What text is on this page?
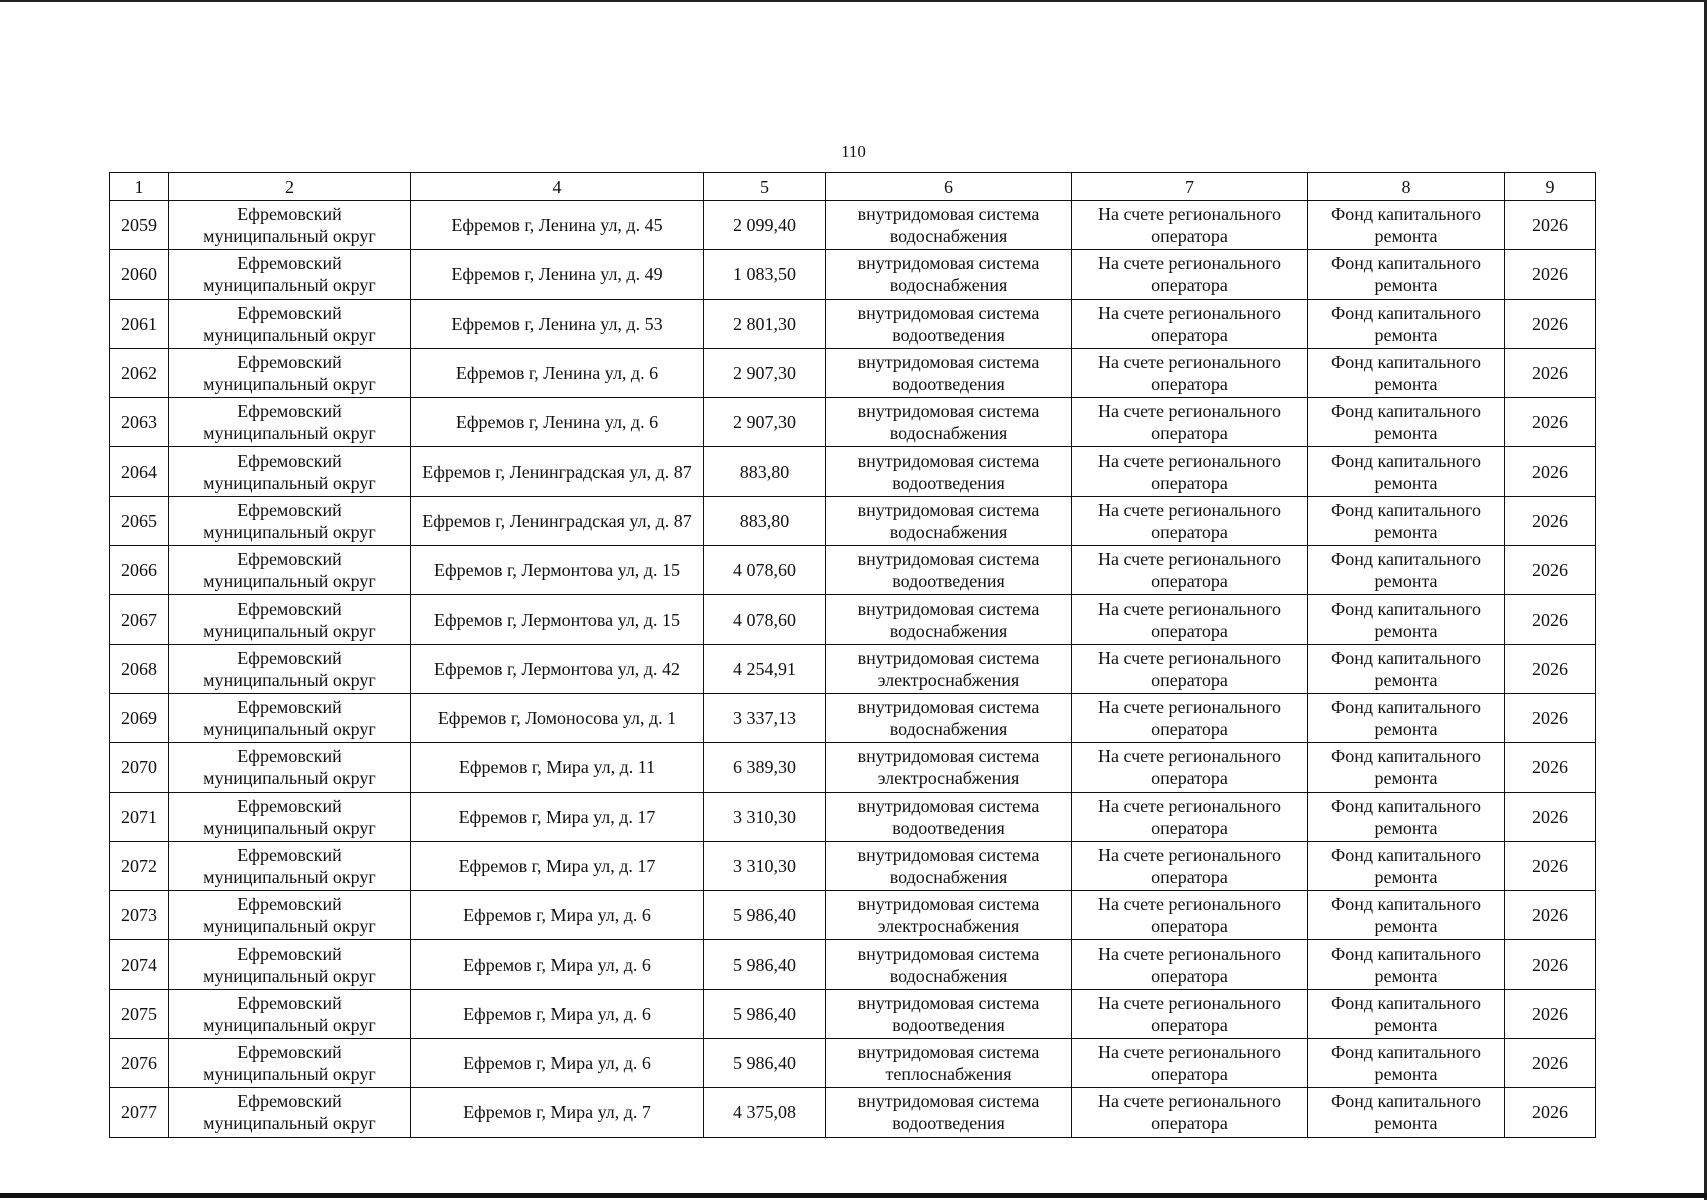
110
1	2	4	5	6	7	8	9
2059	Ефремовский муниципальный округ	Ефремов г, Ленина ул, д. 45	2 099,40	внутридомовая система водоснабжения	На счете регионального оператора	Фонд капитального ремонта	2026
2060	Ефремовский муниципальный округ	Ефремов г, Ленина ул, д. 49	1 083,50	внутридомовая система водоснабжения	На счете регионального оператора	Фонд капитального ремонта	2026
2061	Ефремовский муниципальный округ	Ефремов г, Ленина ул, д. 53	2 801,30	внутридомовая система водоотведения	На счете регионального оператора	Фонд капитального ремонта	2026
2062	Ефремовский муниципальный округ	Ефремов г, Ленина ул, д. 6	2 907,30	внутридомовая система водоотведения	На счете регионального оператора	Фонд капитального ремонта	2026
2063	Ефремовский муниципальный округ	Ефремов г, Ленина ул, д. 6	2 907,30	внутридомовая система водоснабжения	На счете регионального оператора	Фонд капитального ремонта	2026
2064	Ефремовский муниципальный округ	Ефремов г, Ленинградская ул, д. 87	883,80	внутридомовая система водоотведения	На счете регионального оператора	Фонд капитального ремонта	2026
2065	Ефремовский муниципальный округ	Ефремов г, Ленинградская ул, д. 87	883,80	внутридомовая система водоснабжения	На счете регионального оператора	Фонд капитального ремонта	2026
2066	Ефремовский муниципальный округ	Ефремов г, Лермонтова ул, д. 15	4 078,60	внутридомовая система водоотведения	На счете регионального оператора	Фонд капитального ремонта	2026
2067	Ефремовский муниципальный округ	Ефремов г, Лермонтова ул, д. 15	4 078,60	внутридомовая система водоснабжения	На счете регионального оператора	Фонд капитального ремонта	2026
2068	Ефремовский муниципальный округ	Ефремов г, Лермонтова ул, д. 42	4 254,91	внутридомовая система электроснабжения	На счете регионального оператора	Фонд капитального ремонта	2026
2069	Ефремовский муниципальный округ	Ефремов г, Ломоносова ул, д. 1	3 337,13	внутридомовая система водоснабжения	На счете регионального оператора	Фонд капитального ремонта	2026
2070	Ефремовский муниципальный округ	Ефремов г, Мира ул, д. 11	6 389,30	внутридомовая система электроснабжения	На счете регионального оператора	Фонд капитального ремонта	2026
2071	Ефремовский муниципальный округ	Ефремов г, Мира ул, д. 17	3 310,30	внутридомовая система водоотведения	На счете регионального оператора	Фонд капитального ремонта	2026
2072	Ефремовский муниципальный округ	Ефремов г, Мира ул, д. 17	3 310,30	внутридомовая система водоснабжения	На счете регионального оператора	Фонд капитального ремонта	2026
2073	Ефремовский муниципальный округ	Ефремов г, Мира ул, д. 6	5 986,40	внутридомовая система электроснабжения	На счете регионального оператора	Фонд капитального ремонта	2026
2074	Ефремовский муниципальный округ	Ефремов г, Мира ул, д. 6	5 986,40	внутридомовая система водоснабжения	На счете регионального оператора	Фонд капитального ремонта	2026
2075	Ефремовский муниципальный округ	Ефремов г, Мира ул, д. 6	5 986,40	внутридомовая система водоотведения	На счете регионального оператора	Фонд капитального ремонта	2026
2076	Ефремовский муниципальный округ	Ефремов г, Мира ул, д. 6	5 986,40	внутридомовая система теплоснабжения	На счете регионального оператора	Фонд капитального ремонта	2026
2077	Ефремовский муниципальный округ	Ефремов г, Мира ул, д. 7	4 375,08	внутридомовая система водоотведения	На счете регионального оператора	Фонд капитального ремонта	2026
